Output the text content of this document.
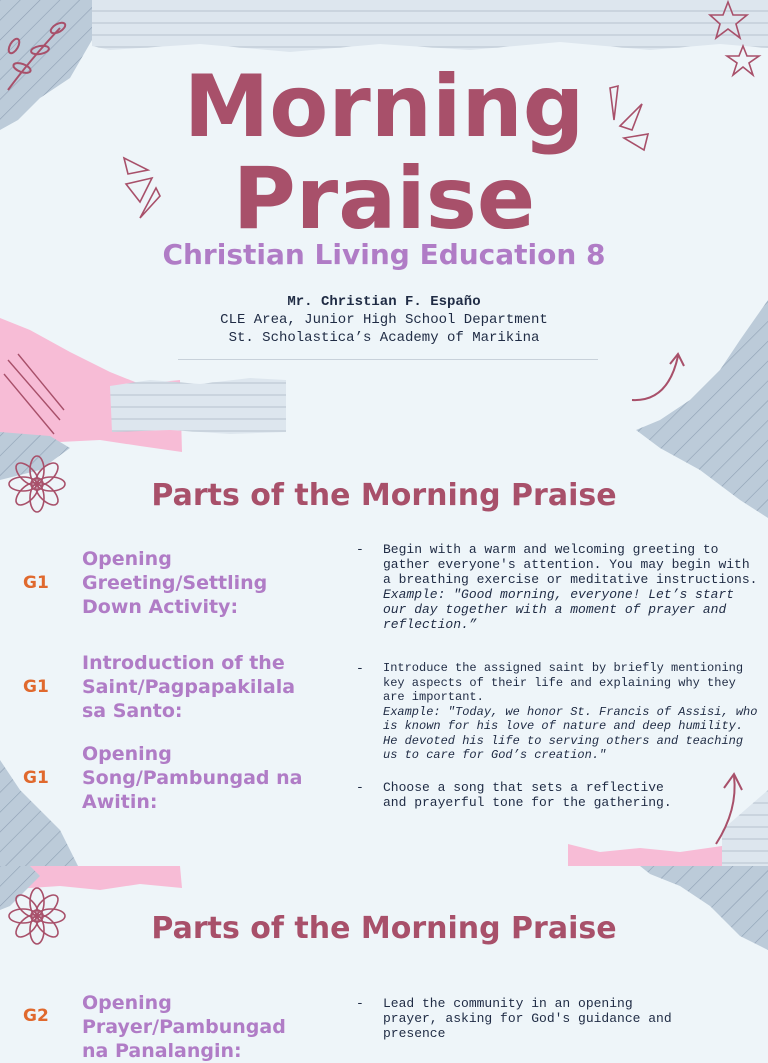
Morning
Praise
Christian Living Education 8
Mr. Christian F. Españo
CLE Area, Junior High School Department
St. Scholastica’s Academy of Marikina
Parts of the Morning Praise
G1
Opening Greeting/Settling Down Activity:
- Begin with a warm and welcoming greeting to gather everyone's attention. You may begin with a breathing exercise or meditative instructions.
Example: "Good morning, everyone! Let’s start our day together with a moment of prayer and reflection.”
G1
Introduction of the Saint/Pagpapakilala sa Santo:
- Introduce the assigned saint by briefly mentioning key aspects of their life and explaining why they are important.
Example: "Today, we honor St. Francis of Assisi, who is known for his love of nature and deep humility. He devoted his life to serving others and teaching us to care for God’s creation."
G1
Opening Song/Pambungad na Awitin:
- Choose a song that sets a reflective and prayerful tone for the gathering.
Parts of the Morning Praise
G2
Opening Prayer/Pambungad na Panalangin:
- Lead the community in an opening prayer, asking for God's guidance and presence
